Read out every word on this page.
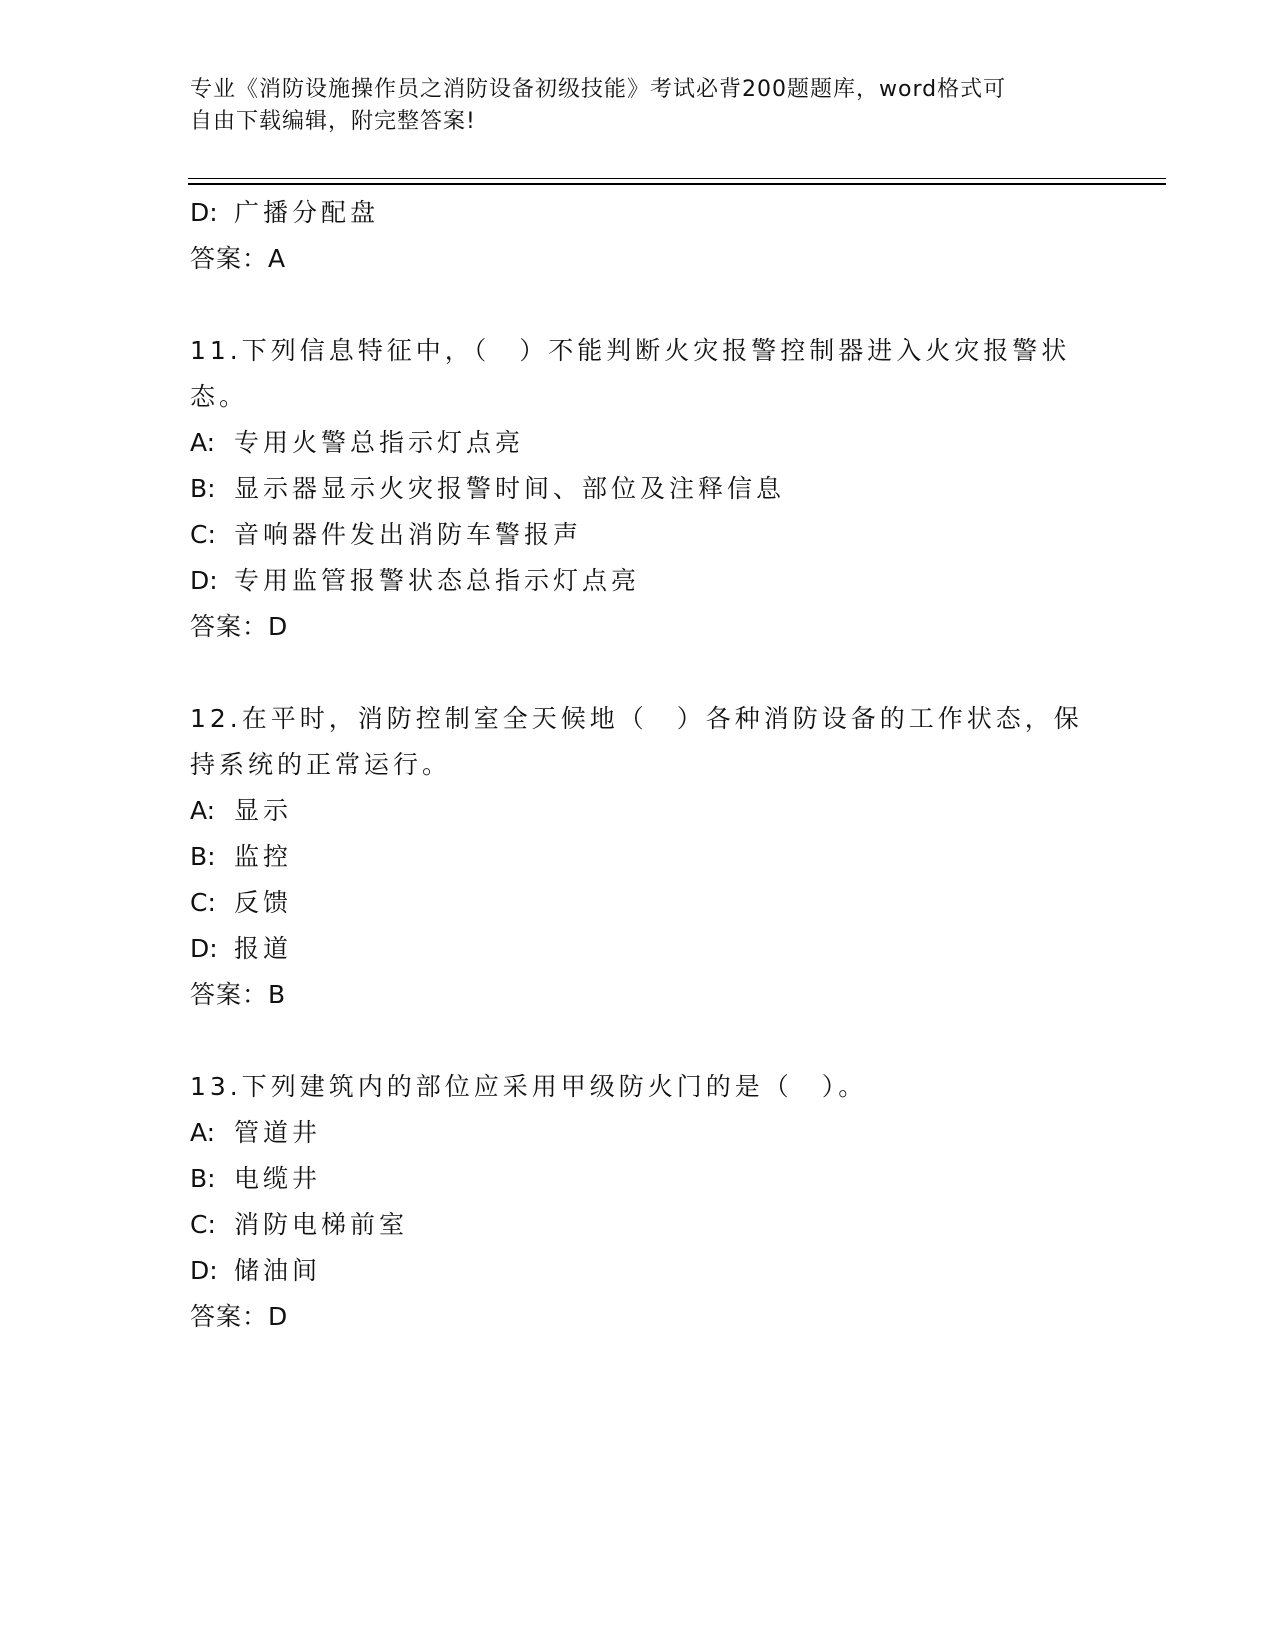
专业《消防设施操作员之消防设备初级技能》考试必背200题题库，word格式可
自由下载编辑，附完整答案!
D: 广播分配盘
答案：A
11.下列信息特征中，（　）不能判断火灾报警控制器进入火灾报警状
态。
A: 专用火警总指示灯点亮
B: 显示器显示火灾报警时间、部位及注释信息
C: 音响器件发出消防车警报声
D: 专用监管报警状态总指示灯点亮
答案：D
12.在平时，消防控制室全天候地（　）各种消防设备的工作状态，保
持系统的正常运行。
A: 显示
B: 监控
C: 反馈
D: 报道
答案：B
13.下列建筑内的部位应采用甲级防火门的是（　）。
A: 管道井
B: 电缆井
C: 消防电梯前室
D: 储油间
答案：D
